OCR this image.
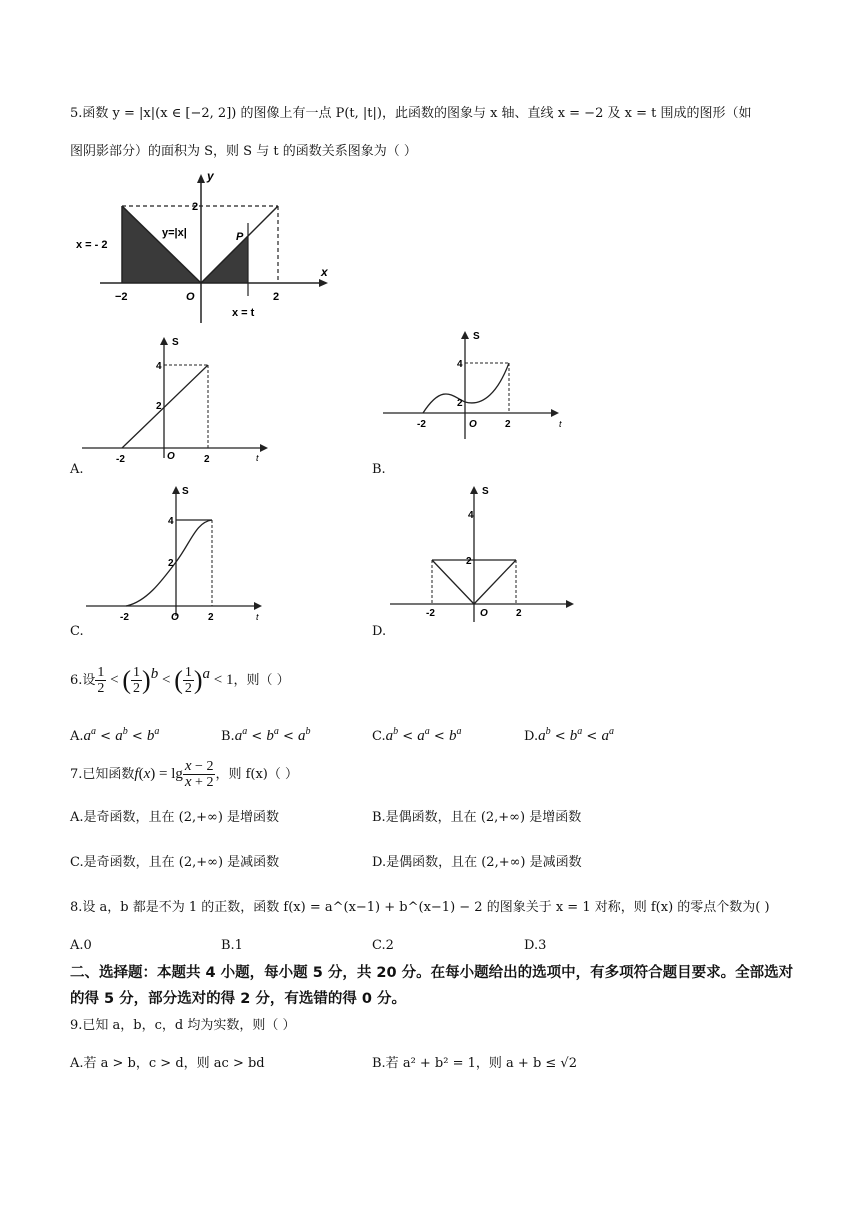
5.函数 y = |x|(x ∈ [−2, 2]) 的图像上有一点 P(t, |t|)，此函数的图象与 x 轴、直线 x = −2 及 x = t 围成的图形（如
图阴影部分）的面积为 S，则 S 与 t 的函数关系图象为（ ）
y
x
2
−2	O	2
y=|x|	P
x = - 2
x = t
S
t
4
2
-2	O	2
A.
S
t
4
2
-2	O	2
B.
S
t
4
2
-2	O	2
C.
S
4
2
-2	O	2
D.
6.设 $\frac{1}{2}$ < ( $\frac{1}{2} )^b$ < ( $\frac{1}{2} )^a < 1$，则（ ）
$A.a^a < a^b < b^a$	$B.a^a < b^a < a^b$	$C.a^b < a^a < b^a$	$D.a^b < b^a < a^a$
7.已知函数$f(x) = \lg \frac{x - 2}{x + 2}$ ，则 f(x)（ ）
A.是奇函数，且在 (2,+∞) 是增函数	B.是偶函数，且在 (2,+∞) 是增函数
C.是奇函数，且在 (2,+∞) 是减函数	D.是偶函数，且在 (2,+∞) 是减函数
8.设 a，b 都是不为 1 的正数，函数 f(x) = a^(x−1) + b^(x−1) − 2 的图象关于 x = 1 对称，则 f(x) 的零点个数为( )
A.0	B.1	C.2	D.3
二、选择题：本题共 4 小题，每小题 5 分，共 20 分。在每小题给出的选项中，有多项符合题目要求。全部选对的得 5 分，部分选对的得 2 分，有选错的得 0 分。
9.已知 a，b，c，d 均为实数，则（ ）
A.若 a > b，c > d，则 ac > bd	B.若 a² + b² = 1，则 a + b ≤ √2
